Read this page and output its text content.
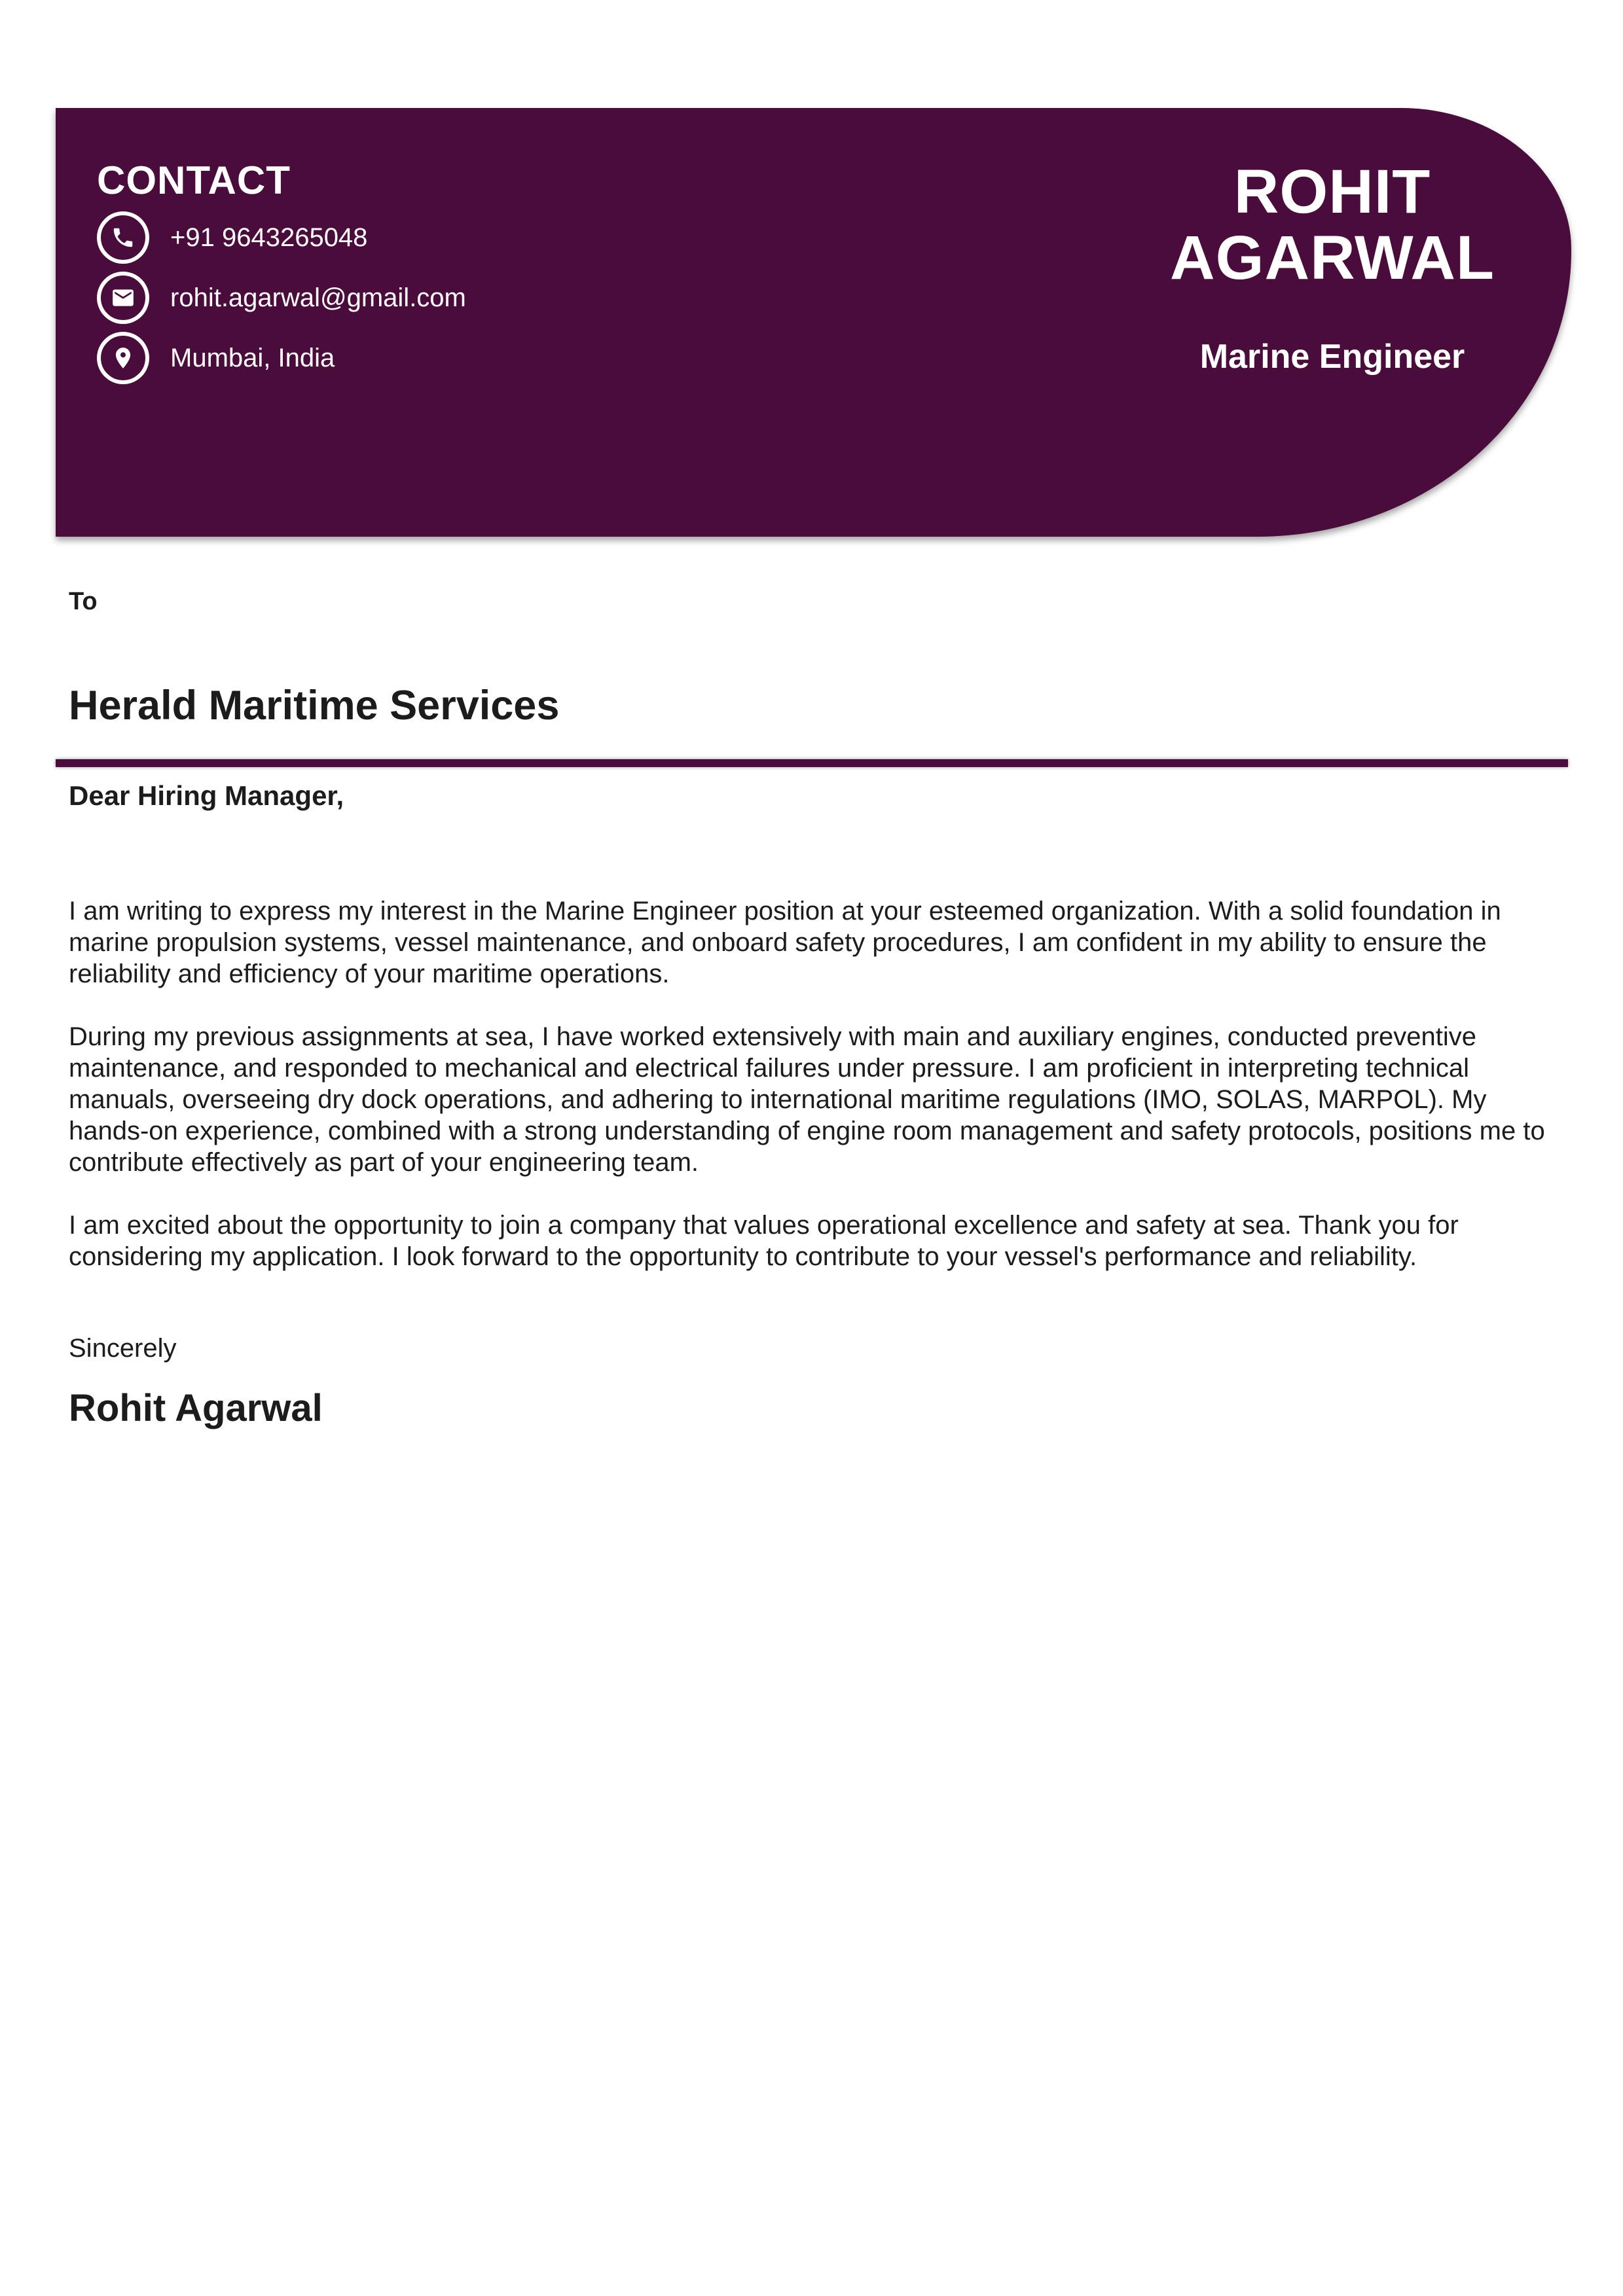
CONTACT
+91 9643265048
rohit.agarwal@gmail.com
Mumbai, India
ROHIT AGARWAL
Marine Engineer
To
Herald Maritime Services
Dear Hiring Manager,

I am writing to express my interest in the Marine Engineer position at your esteemed organization. With a solid foundation in marine propulsion systems, vessel maintenance, and onboard safety procedures, I am confident in my ability to ensure the reliability and efficiency of your maritime operations.

During my previous assignments at sea, I have worked extensively with main and auxiliary engines, conducted preventive maintenance, and responded to mechanical and electrical failures under pressure. I am proficient in interpreting technical manuals, overseeing dry dock operations, and adhering to international maritime regulations (IMO, SOLAS, MARPOL). My hands-on experience, combined with a strong understanding of engine room management and safety protocols, positions me to contribute effectively as part of your engineering team.

I am excited about the opportunity to join a company that values operational excellence and safety at sea. Thank you for considering my application. I look forward to the opportunity to contribute to your vessel's performance and reliability.

Sincerely
Rohit Agarwal
